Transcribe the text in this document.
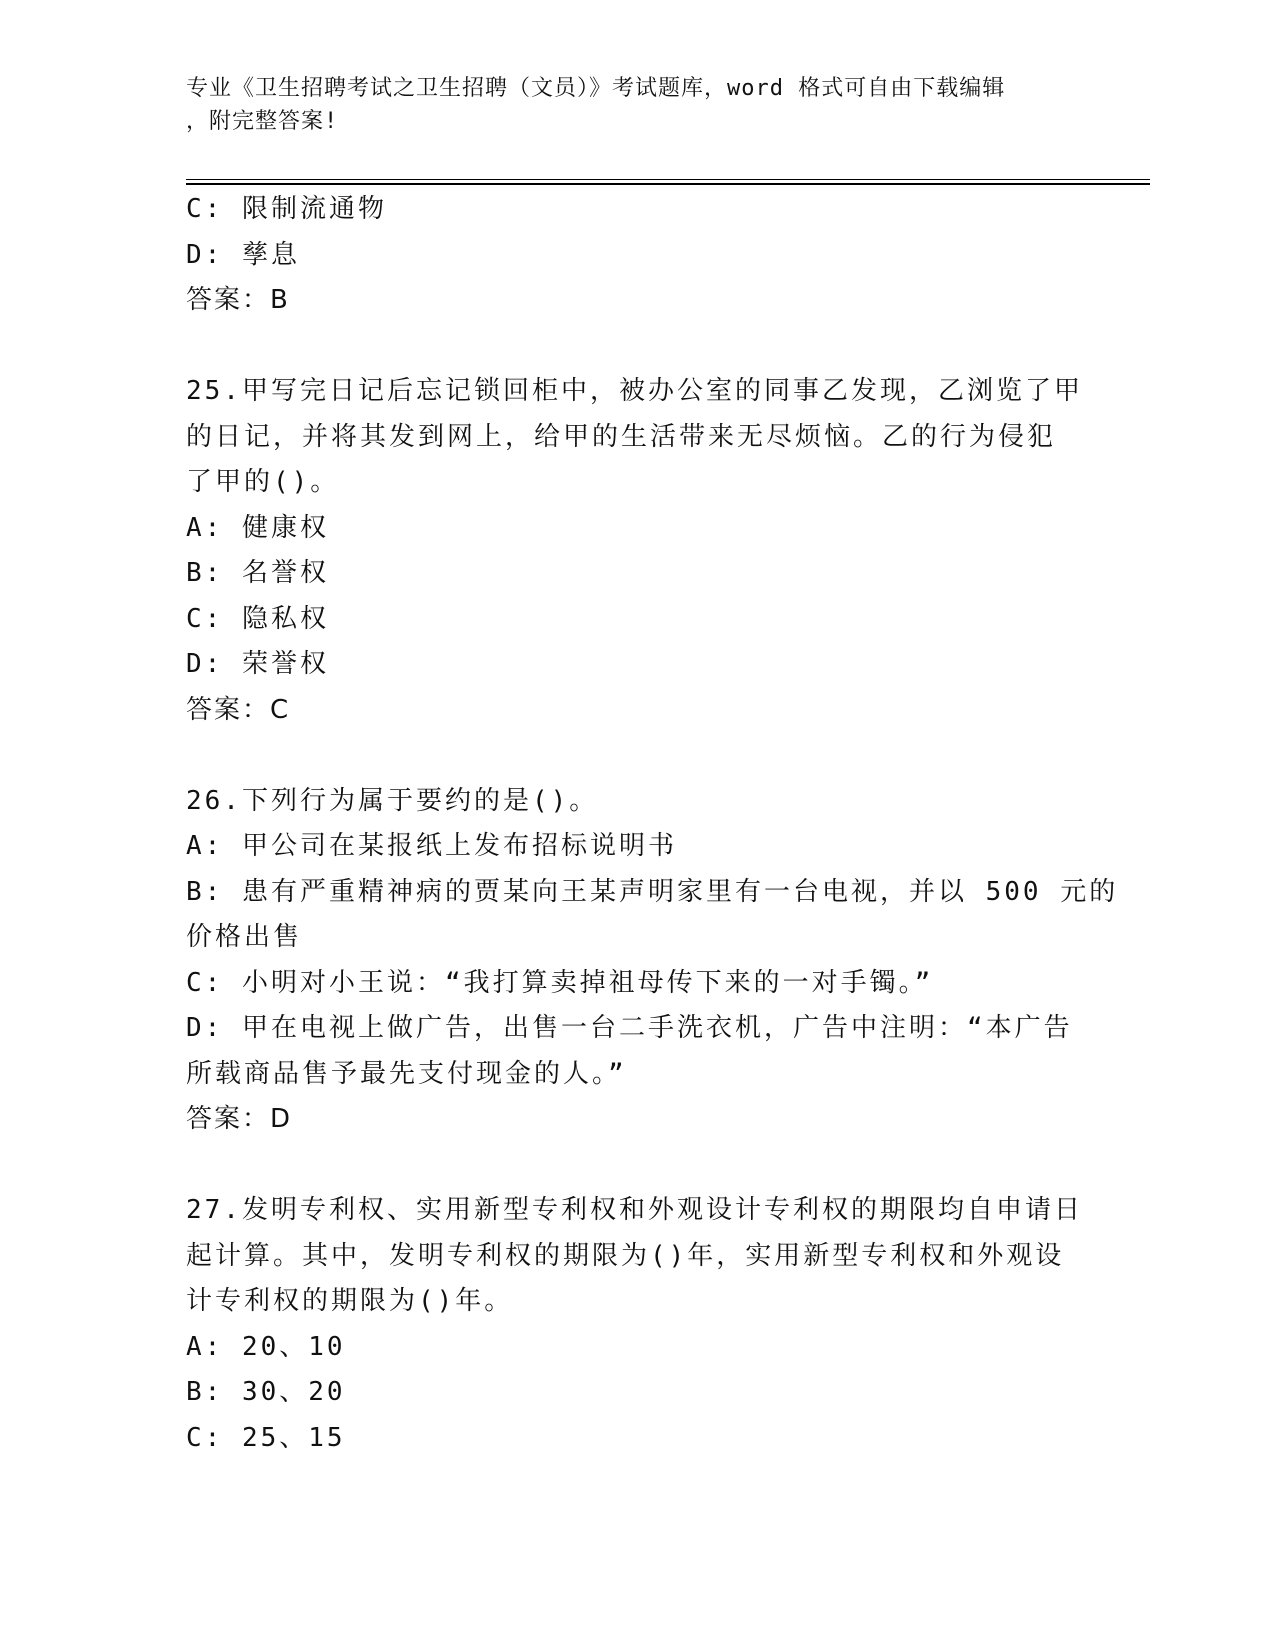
专业《卫生招聘考试之卫生招聘（文员）》考试题库，word 格式可自由下载编辑
，附完整答案!
C: 限制流通物
D: 孳息
答案：B
25.甲写完日记后忘记锁回柜中，被办公室的同事乙发现，乙浏览了甲
的日记，并将其发到网上，给甲的生活带来无尽烦恼。乙的行为侵犯
了甲的()。
A: 健康权
B: 名誉权
C: 隐私权
D: 荣誉权
答案：C
26.下列行为属于要约的是()。
A: 甲公司在某报纸上发布招标说明书
B: 患有严重精神病的贾某向王某声明家里有一台电视，并以 500 元的
价格出售
C: 小明对小王说：“我打算卖掉祖母传下来的一对手镯。”
D: 甲在电视上做广告，出售一台二手洗衣机，广告中注明：“本广告
所载商品售予最先支付现金的人。”
答案：D
27.发明专利权、实用新型专利权和外观设计专利权的期限均自申请日
起计算。其中，发明专利权的期限为()年，实用新型专利权和外观设
计专利权的期限为()年。
A: 20、10
B: 30、20
C: 25、15
